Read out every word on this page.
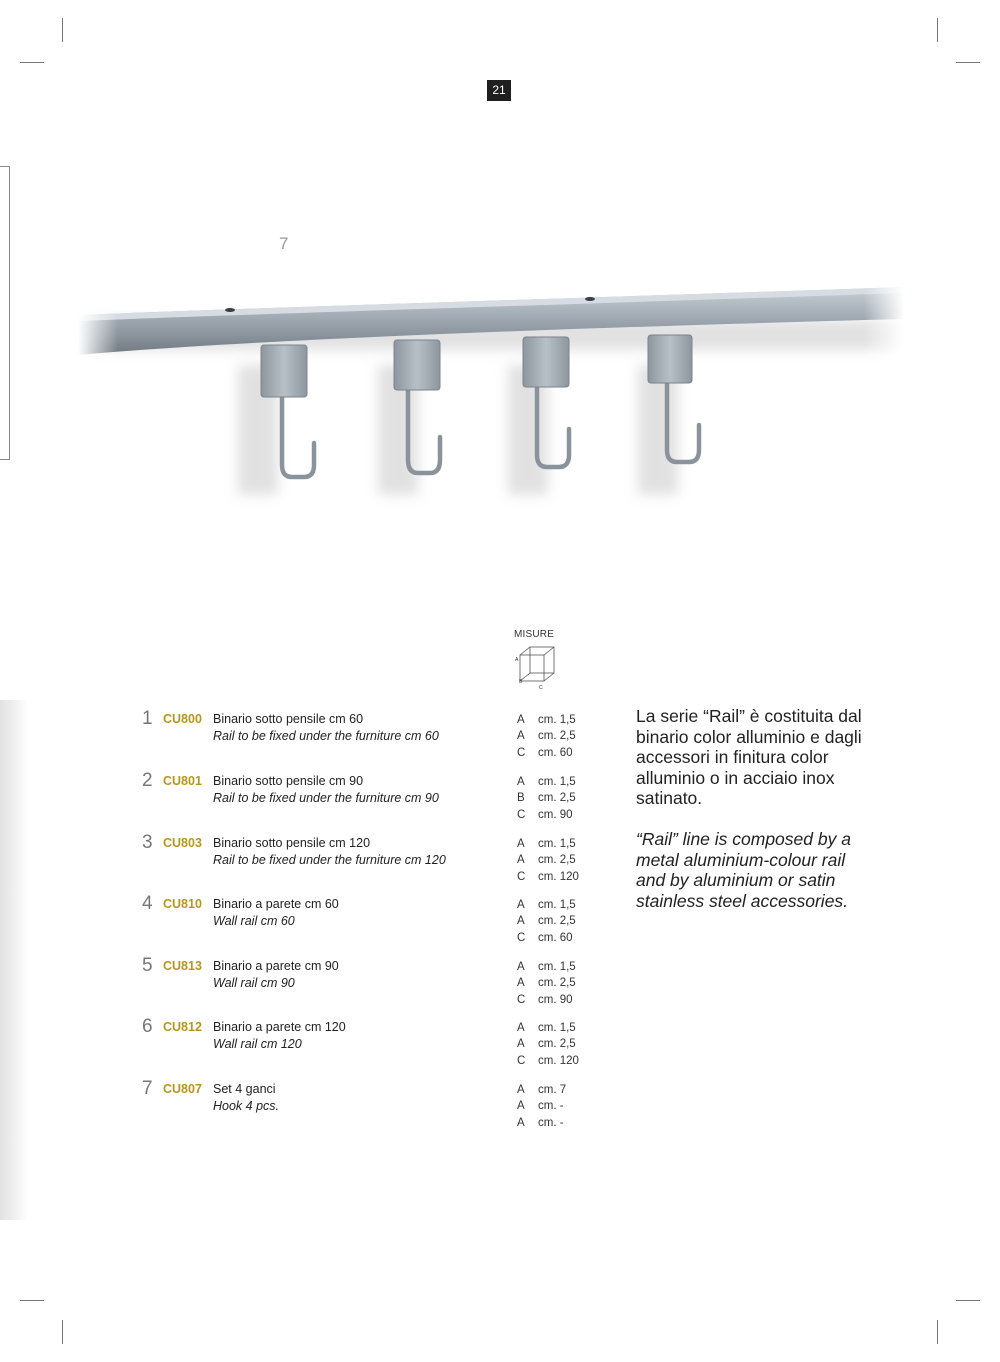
21
7
MISURE
A
B
C
1 CU800 Binario sotto pensile cm 60
Rail to be fixed under the furniture cm 60
A cm. 1,5
A cm. 2,5
C cm. 60
2 CU801 Binario sotto pensile cm 90
Rail to be fixed under the furniture cm 90
A cm. 1,5
B cm. 2,5
C cm. 90
3 CU803 Binario sotto pensile cm 120
Rail to be fixed under the furniture cm 120
A cm. 1,5
A cm. 2,5
C cm. 120
4 CU810 Binario a parete cm 60
Wall rail cm 60
A cm. 1,5
A cm. 2,5
C cm. 60
5 CU813 Binario a parete cm 90
Wall rail cm 90
A cm. 1,5
A cm. 2,5
C cm. 90
6 CU812 Binario a parete cm 120
Wall rail cm 120
A cm. 1,5
A cm. 2,5
C cm. 120
7 CU807 Set 4 ganci
Hook 4 pcs.
A cm. 7
A cm. -
A cm. -

La serie “Rail” è costituita dal binario color alluminio e dagli accessori in finitura color alluminio o in acciaio inox satinato.

“Rail” line is composed by a metal aluminium-colour rail and by aluminium or satin stainless steel accessories.
